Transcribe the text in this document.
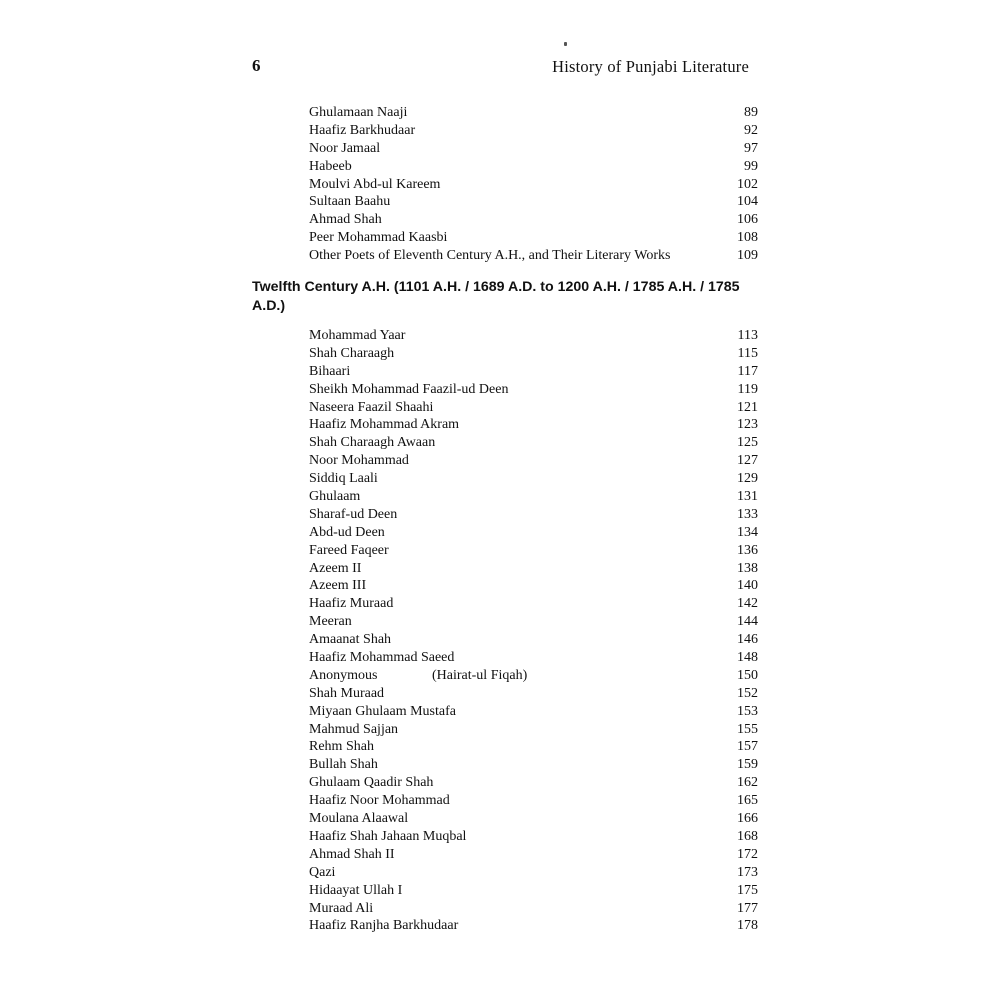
6	History of Punjabi Literature
Ghulamaan Naaji	89
Haafiz Barkhudaar	92
Noor Jamaal	97
Habeeb	99
Moulvi Abd-ul Kareem	102
Sultaan Baahu	104
Ahmad Shah	106
Peer Mohammad Kaasbi	108
Other Poets of Eleventh Century A.H., and Their Literary Works	109
Twelfth Century A.H. (1101 A.H. / 1689 A.D. to 1200 A.H. / 1785 A.H. / 1785 A.D.)
Mohammad Yaar	113
Shah Charaagh	115
Bihaari	117
Sheikh Mohammad Faazil-ud Deen	119
Naseera Faazil Shaahi	121
Haafiz Mohammad Akram	123
Shah Charaagh Awaan	125
Noor Mohammad	127
Siddiq Laali	129
Ghulaam	131
Sharaf-ud Deen	133
Abd-ud Deen	134
Fareed Faqeer	136
Azeem II	138
Azeem III	140
Haafiz Muraad	142
Meeran	144
Amaanat Shah	146
Haafiz Mohammad Saeed	148
Anonymous	(Hairat-ul Fiqah)	150
Shah Muraad	152
Miyaan Ghulaam Mustafa	153
Mahmud Sajjan	155
Rehm Shah	157
Bullah Shah	159
Ghulaam Qaadir Shah	162
Haafiz Noor Mohammad	165
Moulana Alaawal	166
Haafiz Shah Jahaan Muqbal	168
Ahmad Shah II	172
Qazi	173
Hidaayat Ullah I	175
Muraad Ali	177
Haafiz Ranjha Barkhudaar	178
